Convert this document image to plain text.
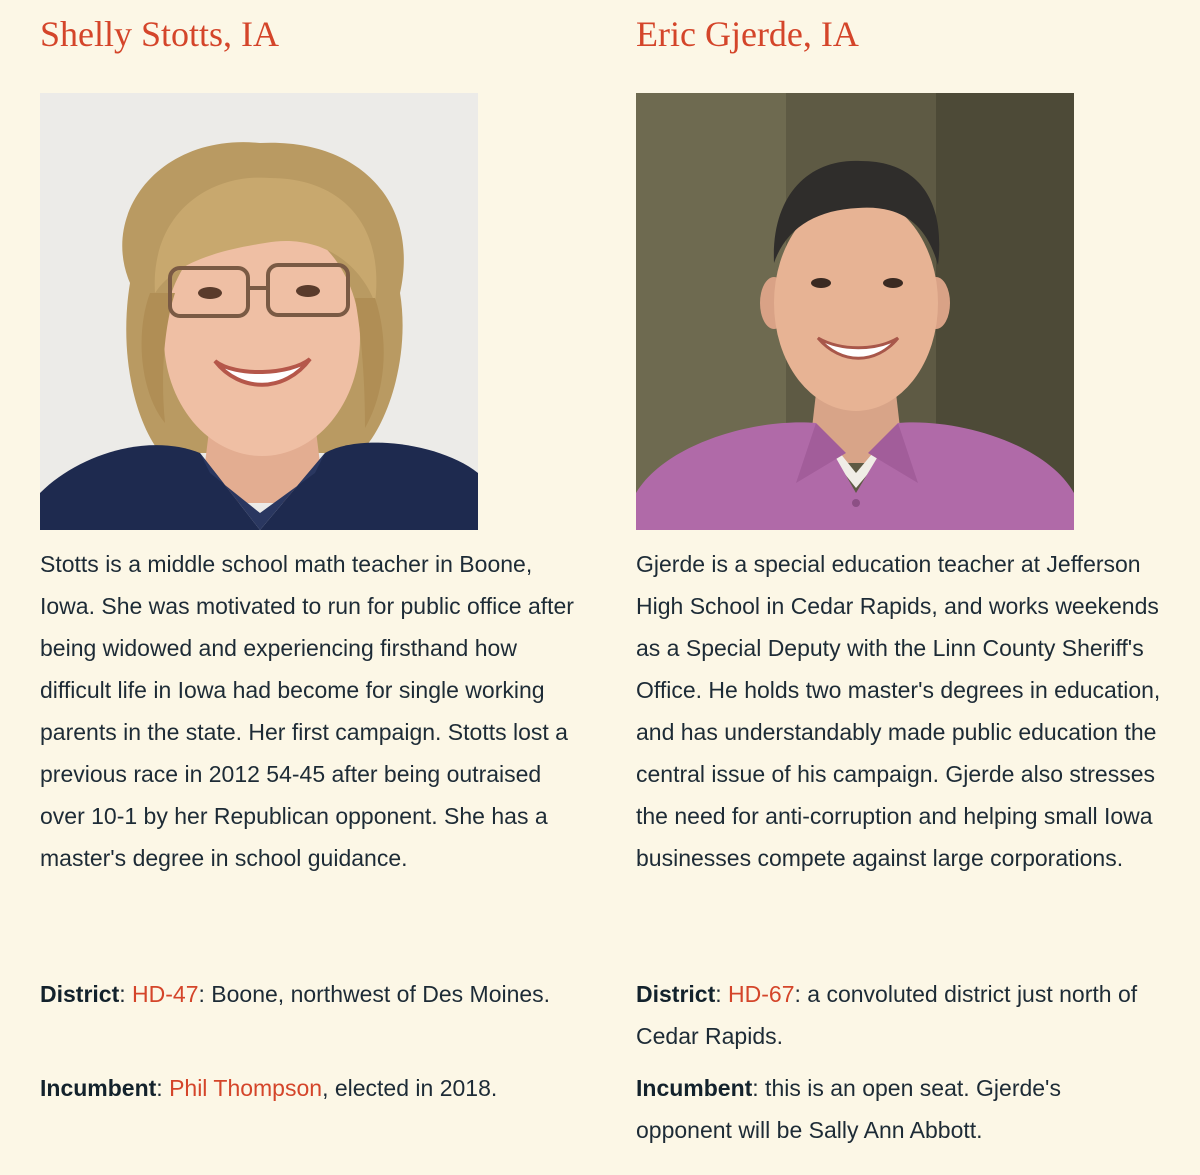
Shelly Stotts, IA

Stotts is a middle school math teacher in Boone, Iowa. She was motivated to run for public office after being widowed and experiencing firsthand how difficult life in Iowa had become for single working parents in the state. Her first campaign. Stotts lost a previous race in 2012 54-45 after being outraised over 10-1 by her Republican opponent. She has a master's degree in school guidance.

District: HD-47: Boone, northwest of Des Moines.

Incumbent: Phil Thompson, elected in 2018.

Eric Gjerde, IA

Gjerde is a special education teacher at Jefferson High School in Cedar Rapids, and works weekends as a Special Deputy with the Linn County Sheriff's Office. He holds two master's degrees in education, and has understandably made public education the central issue of his campaign. Gjerde also stresses the need for anti-corruption and helping small Iowa businesses compete against large corporations.

District: HD-67: a convoluted district just north of Cedar Rapids.

Incumbent: this is an open seat. Gjerde's opponent will be Sally Ann Abbott.
